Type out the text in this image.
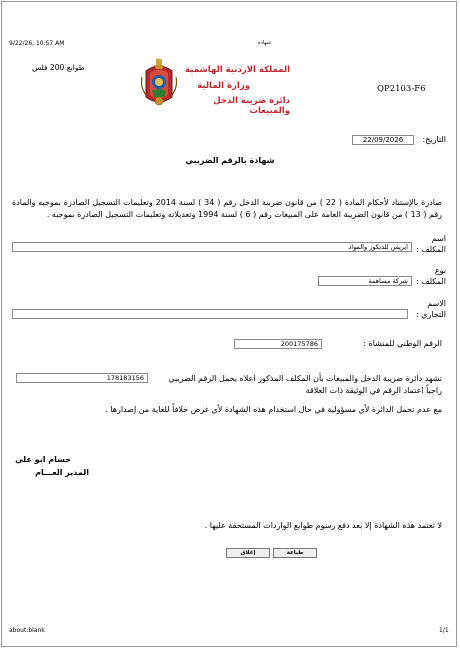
9/22/26, 10:57 AM	شهادة
طوابع 200 فلس	المملكة الاردنية الهاشمية
وزارة المالية
دائرة ضريبة الدخل والمبيعات
QP2103-F6
التاريخ:
22/09/2026
شهادة بالرقم الضريبي
صادرة بالإستناد لأحكام المادة ( 22 ) من قانون ضريبة الدخل رقم ( 34 ) لسنة 2014 وتعليمات التسجيل الصادرة بموجبه والمادة رقم ( 13 ) من قانون الضريبة العامة على المبيعات رقم ( 6 ) لسنة 1994 وتعديلاته وتعليمات التسجيل الصادرة بموجبه .
اسم المكلف :
ايريس للديكور والمواد
نوع المكلف :
شركة مساهمة
الاسم التجاري :
الرقم الوطني للمنشاة :
200175786
تشهد دائرة ضريبة الدخل والمبيعات بأن المكلف المذكور اعلاه يحمل الرقم الضريبي
178183156
راجياً اعتماد الرقم في الوثيقة ذات العلاقة
مع عدم تحمل الدائرة لأي مسؤولية في حال استخدام هذه الشهادة لأي غرض خلافاً للغاية من إصدارها .
حسام ابو علي
المدير العـــام
لا تعتمد هذه الشهادة إلا بعد دفع رسوم طوابع الواردات المستحقة عليها .
طباعة
إغلاق
about:blank	1/1
